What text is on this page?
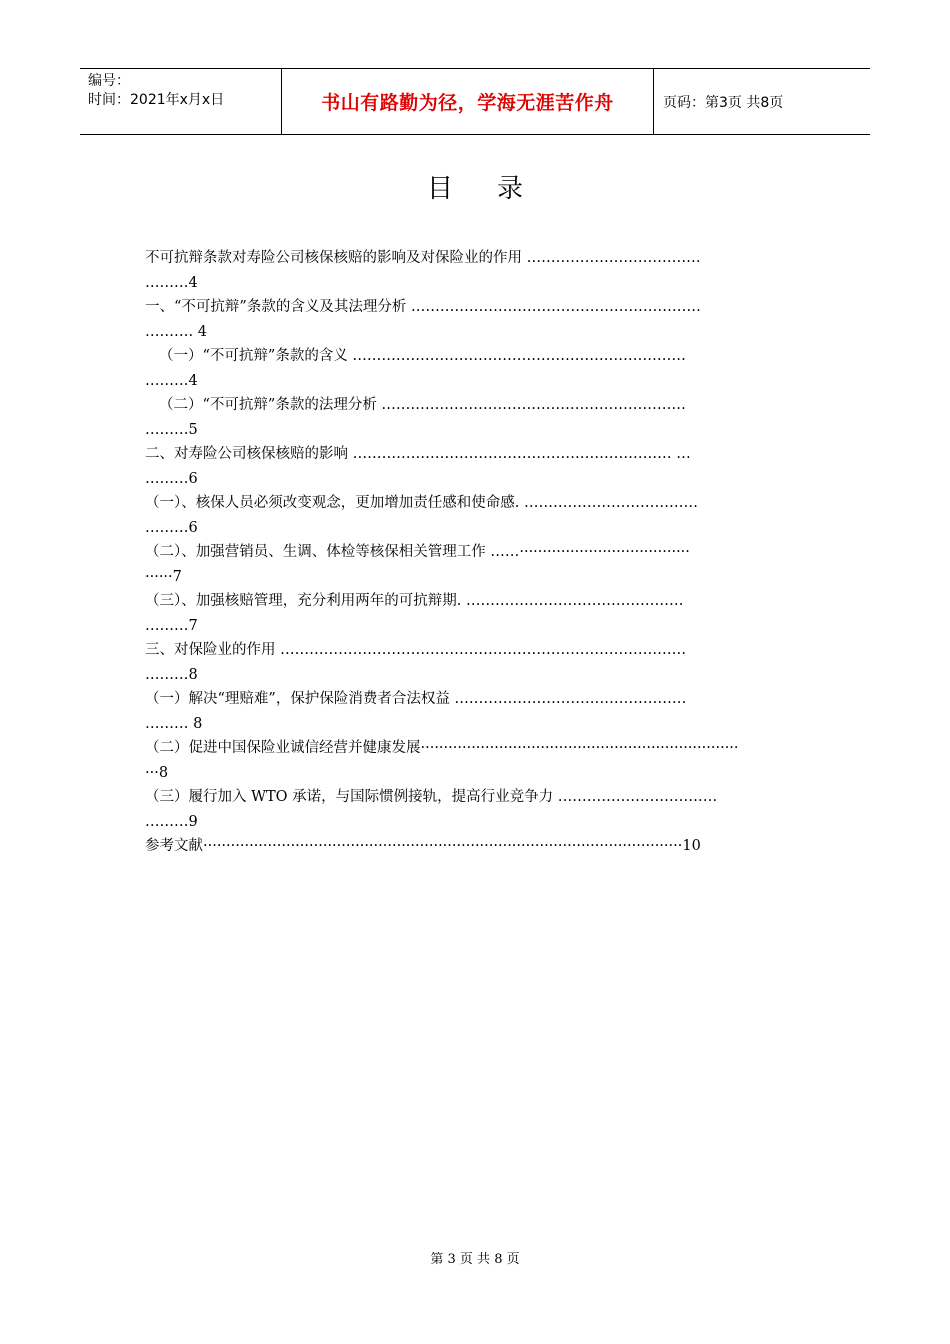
编号：
时间：2021年x月x日	书山有路勤为径，学海无涯苦作舟	页码：第3页 共8页
目录
不可抗辩条款对寿险公司核保核赔的影响及对保险业的作用 ………………………………
………4
一、“不可抗辩”条款的含义及其法理分析 ……………………………………………………
………. 4
（一）“不可抗辩”条款的含义 ……………………………………………………………
………4
（二）“不可抗辩”条款的法理分析 ………………………………………………………
………5
二、对寿险公司核保核赔的影响 ………………………………………………………… …
………6
（一）、核保人员必须改变观念，更加增加责任感和使命感. ………………………………
………6
（二）、加强营销员、生调、体检等核保相关管理工作 ……·····································
······7
（三）、加强核赔管理，充分利用两年的可抗辩期. ………………………………………
………7
三、对保险业的作用 …………………………………………………………………………
………8
（一）解决“理赔难”，保护保险消费者合法权益 …………………………………………
……… 8
（二）促进中国保险业诚信经营并健康发展·····································································
···8
（三）履行加入 WTO 承诺，与国际惯例接轨，提高行业竞争力 ……………………………
………9
参考文献········································································································10
第 3 页 共 8 页
